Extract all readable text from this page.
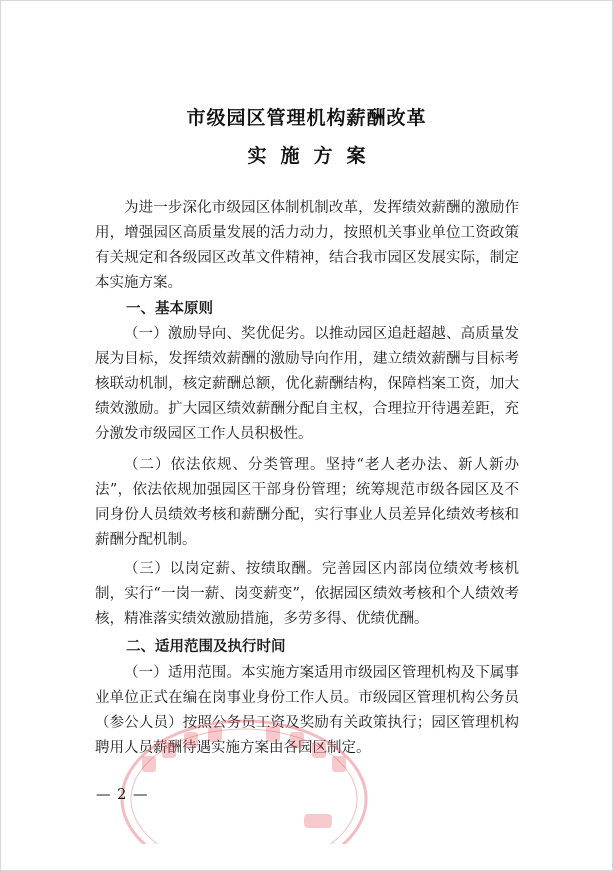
市级园区管理机构薪酬改革
实施方案

为进一步深化市级园区体制机制改革，发挥绩效薪酬的激励作用，增强园区高质量发展的活力动力，按照机关事业单位工资政策有关规定和各级园区改革文件精神，结合我市园区发展实际，制定本实施方案。

一、基本原则

（一）激励导向、奖优促劣。以推动园区追赶超越、高质量发展为目标，发挥绩效薪酬的激励导向作用，建立绩效薪酬与目标考核联动机制，核定薪酬总额，优化薪酬结构，保障档案工资，加大绩效激励。扩大园区绩效薪酬分配自主权，合理拉开待遇差距，充分激发市级园区工作人员积极性。

（二）依法依规、分类管理。坚持“老人老办法、新人新办法”，依法依规加强园区干部身份管理；统筹规范市级各园区及不同身份人员绩效考核和薪酬分配，实行事业人员差异化绩效考核和薪酬分配机制。

（三）以岗定薪、按绩取酬。完善园区内部岗位绩效考核机制，实行“一岗一薪、岗变薪变”，依据园区绩效考核和个人绩效考核，精准落实绩效激励措施，多劳多得、优绩优酬。

二、适用范围及执行时间

（一）适用范围。本实施方案适用市级园区管理机构及下属事业单位正式在编在岗事业身份工作人员。市级园区管理机构公务员（参公人员）按照公务员工资及奖励有关政策执行；园区管理机构聘用人员薪酬待遇实施方案由各园区制定。

— 2 —
